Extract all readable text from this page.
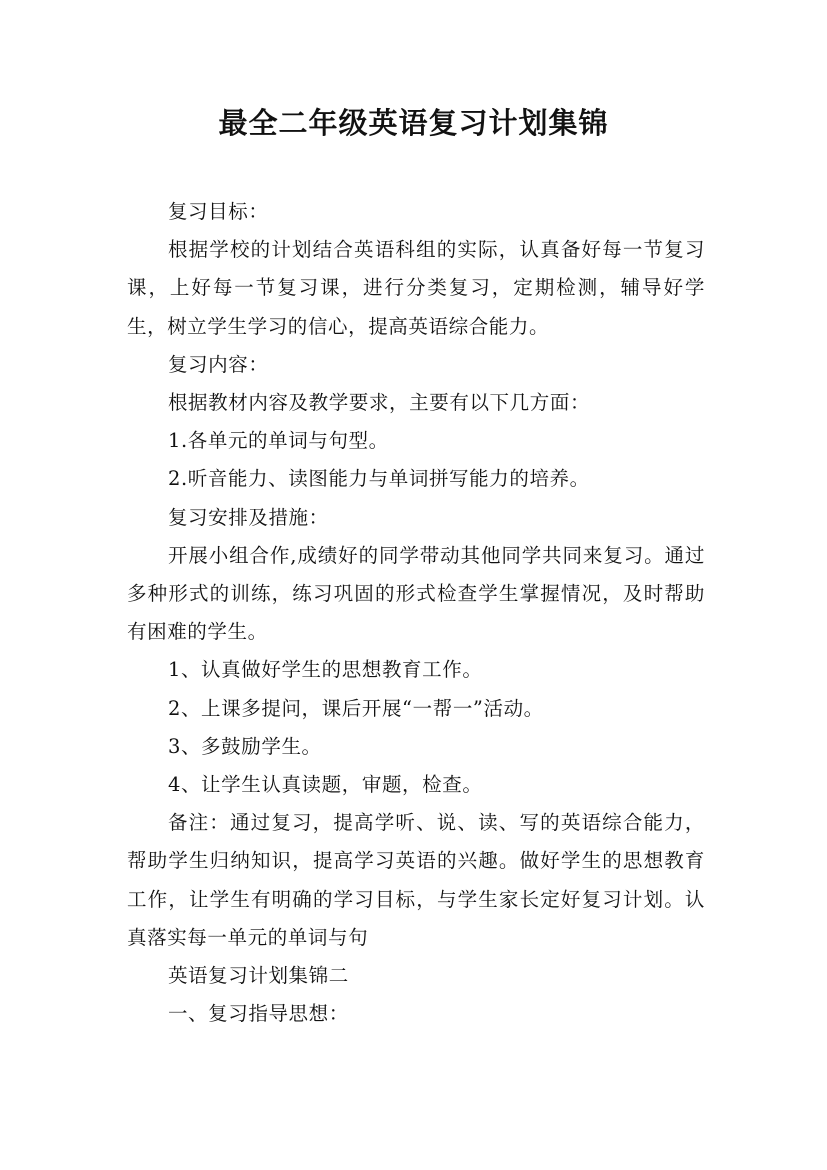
最全二年级英语复习计划集锦

复习目标：

根据学校的计划结合英语科组的实际，认真备好每一节复习课，上好每一节复习课，进行分类复习，定期检测，辅导好学生，树立学生学习的信心，提高英语综合能力。

复习内容：

根据教材内容及教学要求，主要有以下几方面：

1.各单元的单词与句型。

2.听音能力、读图能力与单词拼写能力的培养。

复习安排及措施：

开展小组合作,成绩好的同学带动其他同学共同来复习。通过多种形式的训练，练习巩固的形式检查学生掌握情况，及时帮助有困难的学生。

1、认真做好学生的思想教育工作。

2、上课多提问，课后开展“一帮一”活动。

3、多鼓励学生。

4、让学生认真读题，审题，检查。

备注：通过复习，提高学听、说、读、写的英语综合能力，帮助学生归纳知识，提高学习英语的兴趣。做好学生的思想教育工作，让学生有明确的学习目标，与学生家长定好复习计划。认真落实每一单元的单词与句

英语复习计划集锦二

一、复习指导思想：
